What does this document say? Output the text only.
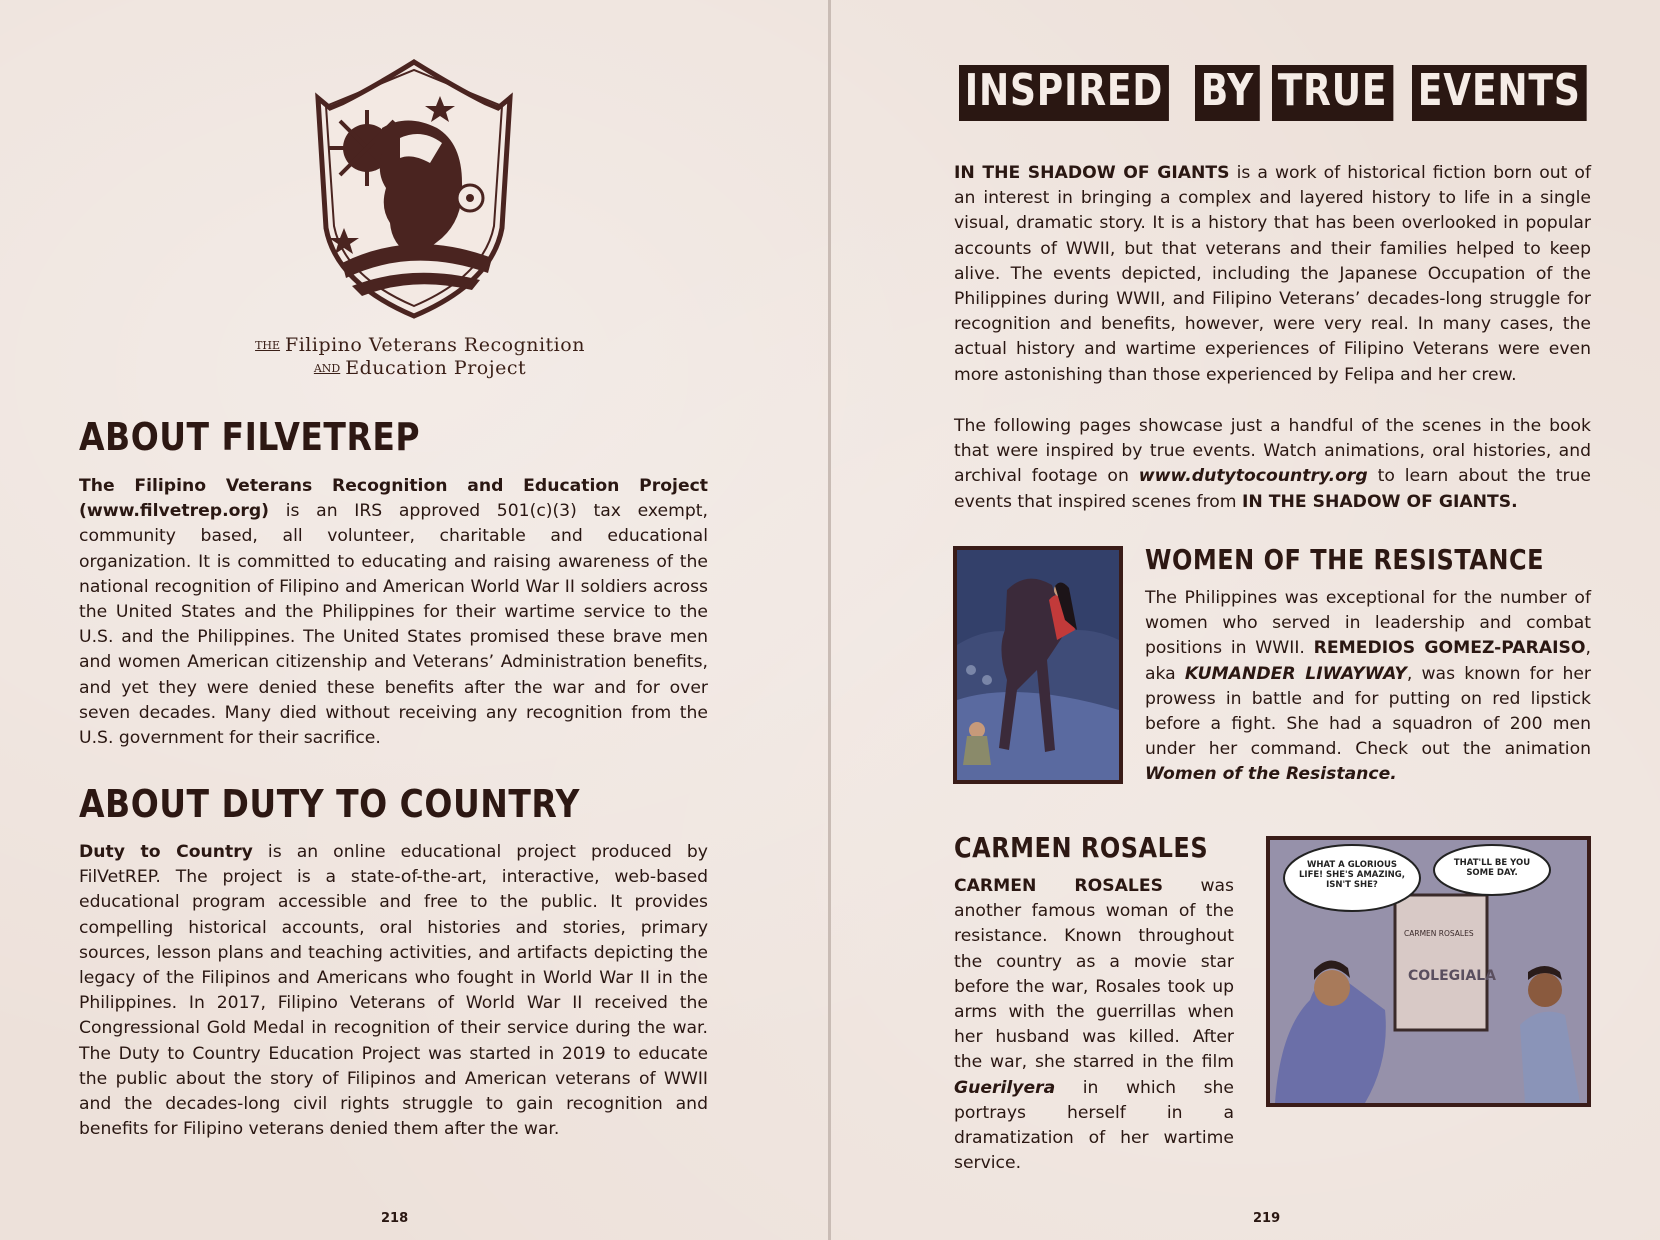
THE Filipino Veterans Recognition
AND Education Project
ABOUT FILVETREP
The Filipino Veterans Recognition and Education Project (www.filvetrep.org) is an IRS approved 501(c)(3) tax exempt, community based, all volunteer, charitable and educational organization. It is committed to educating and raising awareness of the national recognition of Filipino and American World War II soldiers across the United States and the Philippines for their wartime service to the U.S. and the Philippines. The United States promised these brave men and women American citizenship and Veterans’ Administration benefits, and yet they were denied these benefits after the war and for over seven decades. Many died without receiving any recognition from the U.S. government for their sacrifice.
ABOUT DUTY TO COUNTRY
Duty to Country is an online educational project produced by FilVetREP. The project is a state-of-the-art, interactive, web-based educational program accessible and free to the public. It provides compelling historical accounts, oral histories and stories, primary sources, lesson plans and teaching activities, and artifacts depicting the legacy of the Filipinos and Americans who fought in World War II in the Philippines. In 2017, Filipino Veterans of World War II received the Congressional Gold Medal in recognition of their service during the war. The Duty to Country Education Project was started in 2019 to educate the public about the story of Filipinos and American veterans of WWII and the decades-long civil rights struggle to gain recognition and benefits for Filipino veterans denied them after the war.
218
INSPIRED BY TRUE EVENTS
IN THE SHADOW OF GIANTS is a work of historical fiction born out of an interest in bringing a complex and layered history to life in a single visual, dramatic story. It is a history that has been overlooked in popular accounts of WWII, but that veterans and their families helped to keep alive. The events depicted, including the Japanese Occupation of the Philippines during WWII, and Filipino Veterans’ decades-long struggle for recognition and benefits, however, were very real. In many cases, the actual history and wartime experiences of Filipino Veterans were even more astonishing than those experienced by Felipa and her crew.
The following pages showcase just a handful of the scenes in the book that were inspired by true events. Watch animations, oral histories, and archival footage on www.dutytocountry.org to learn about the true events that inspired scenes from IN THE SHADOW OF GIANTS.
WOMEN OF THE RESISTANCE
The Philippines was exceptional for the number of women who served in leadership and combat positions in WWII. REMEDIOS GOMEZ-PARAISO, aka KUMANDER LIWAYWAY, was known for her prowess in battle and for putting on red lipstick before a fight. She had a squadron of 200 men under her command. Check out the animation Women of the Resistance.
CARMEN ROSALES
CARMEN ROSALES was another famous woman of the resistance. Known throughout the country as a movie star before the war, Rosales took up arms with the guerrillas when her husband was killed. After the war, she starred in the film Guerilyera in which she portrays herself in a dramatization of her wartime service.
CARMEN ROSALES
COLEGIALA
WHAT A GLORIOUS LIFE! SHE'S AMAZING, ISN'T SHE?
THAT'LL BE YOU SOME DAY.
219
